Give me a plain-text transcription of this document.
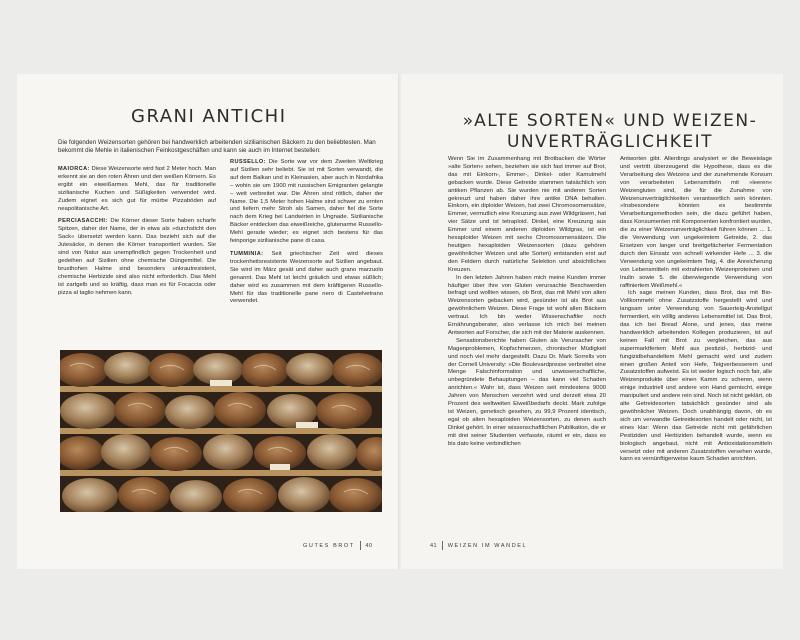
GRANI ANTICHI

Die folgenden Weizensorten gehören bei handwerklich arbeitenden sizilianischen Bäckern zu den beliebtesten. Man bekommt die Mehle in italienischen Feinkostgeschäften und kann sie auch im Internet bestellen:

MAIORCA: Diese Weizensorte wird fast 2 Meter hoch. Man erkennt sie an den roten Ähren und den weißen Körnern. Es ergibt ein eiweißarmes Mehl, das für traditionelle sizilianische Kuchen und Süßigkeiten verwendet wird. Zudem eignet es sich gut für mürbe Pizzaböden auf neapolitanische Art.

PERCIASACCHI: Die Körner dieser Sorte haben scharfe Spitzen, daher der Name, der in etwa als »durchsticht den Sack« übersetzt werden kann. Das bezieht sich auf die Jutesäcke, in denen die Körner transportiert wurden. Sie sind von Natur aus unempfindlich gegen Trockenheit und gedeihen auf Sizilien ohne chemische Düngemittel. Die brusthohen Halme sind besonders unkrautresistent, chemische Herbizide sind also nicht erforderlich. Das Mehl ist zartgelb und so kräftig, dass man es für Focaccia oder pizza al taglio nehmen kann.

RUSSELLO: Die Sorte war vor dem Zweiten Weltkrieg auf Sizilien sehr beliebt. Sie ist mit Sorten verwandt, die auf dem Balkan und in Kleinasien, aber auch in Nordafrika – wohin sie um 1900 mit russischen Emigranten gelangte – weit verbreitet war. Die Ähren sind rötlich, daher der Name. Die 1,5 Meter hohen Halme sind schwer zu ernten und liefern mehr Stroh als Samen, daher fiel die Sorte nach dem Krieg bei Landwirten in Ungnade. Sizilianische Bäcker entdecken das eiweißreiche, glutenarme Russello-Mehl gerade wieder; es eignet sich bestens für das feinporige sizilianische pane di casa.

TUMMINIA: Seit griechischer Zeit wird dieses trockenheitsresistente Weizensorte auf Sizilien angebaut. Sie wird im März gesät und daher auch grano marzuolo genannt. Das Mehl ist leicht gräulich und etwas süßlich; daher wird es zusammen mit dem kräftigeren Russello-Mehl für das traditionelle pane nero di Castelvetrano verwendet.

GUTES BROT 40
»ALTE SORTEN« UND WEIZEN-
UNVERTRÄGLICHKEIT

Wenn Sie im Zusammenhang mit Brotbacken die Wörter »alte Sorten« sehen, beziehen sie sich fast immer auf Brot, das mit Einkorn-, Emmer-, Dinkel- oder Kamutmehl gebacken wurde. Diese Getreide stammen tatsächlich von antiken Pflanzen ab. Sie wurden nie mit anderen Sorten gekreuzt und haben daher ihre antike DNA behalten. Einkorn, ein diploider Weizen, hat zwei Chromosomensätze, Emmer, vermutlich eine Kreuzung aus zwei Wildgräsern, hat vier Sätze und ist tetraploid. Dinkel, eine Kreuzung aus Emmer und einem anderen diploiden Wildgras, ist ein hexaploider Weizen mit sechs Chromosomensätzen. Die heutigen hexaploiden Weizensorten (dazu gehören gewöhnlicher Weizen und alte Sorten) entstanden erst auf den Feldern durch natürliche Selektion und absichtliches Kreuzen.

In den letzten Jahren haben mich meine Kunden immer häufiger über ihre von Gluten verursachte Beschwerden befragt und wollten wissen, ob Brot, das mit Mehl von alten Weizensorten gebacken wird, gesünder ist als Brot aus gewöhnlichem Weizen. Diese Frage ist wohl allen Bäckern vertraut. Ich bin weder Wissenschaftler noch Ernährungsberater, also verlasse ich mich bei meinen Antworten auf Forscher, die sich mit der Materie auskennen.

Sensationsberichte haben Gluten als Verursacher von Magenproblemen, Kopfschmerzen, chronischer Müdigkeit und noch viel mehr dargestellt. Dazu Dr. Mark Sorrells von der Cornell University: »Die Boulevardpresse verbreitet eine Menge Falschinformation und unwissenschaftliche, unbegründete Behauptungen – das kann viel Schaden anrichten.« Wahr ist, dass Weizen seit mindestens 9000 Jahren von Menschen verzehrt wird und derzeit etwa 20 Prozent des weltweiten Eiweißbedarfs deckt. Mark zufolge ist Weizen, genetisch gesehen, zu 99,9 Prozent identisch, egal ob alten hexaploiden Weizensorten, zu denen auch Dinkel gehört. In einer wissenschaftlichen Publikation, die er mit drei seiner Studenten verfasste, räumt er ein, dass es bis dato keine verbindlichen

Antworten gibt. Allerdings analysiert er die Beweislage und vertritt überzeugend die Hypothese, dass es die Verarbeitung des Weizens und der zunehmende Konsum von verarbeiteten Lebensmitteln mit »leeren« Weizengluten sind, die für die Zunahme von Weizenunverträglichkeiten verantwortlich sein könnten. »Insbesondere könnten es bestimmte Verarbeitungsmethoden sein, die dazu geführt haben, dass Konsumenten mit Komponenten konfrontiert wurden, die zu einer Weizenunverträglichkeit führen können ... 1. die Verwendung von ungekeimtem Getreide, 2. das Ersetzen von langer und breitgefächerter Fermentation durch den Einsatz von schnell wirkender Hefe ... 3. die Verwendung von ungekeimtem Teig, 4. die Anreicherung von Lebensmitteln mit extrahierten Weizenproteinen und Inulin sowie 5. die überwiegende Verwendung von raffiniertem Weißmehl.«

Ich sage meinen Kunden, dass Brot, das mit Bio-Vollkornmehl ohne Zusatzstoffe hergestellt wird und langsam unter Verwendung von Sauerteig-Anstellgut fermentiert, ein völlig anderes Lebensmittel ist. Das Brot, das ich bei Bread Alone, und jenes, das meine handwerklich arbeitenden Kollegen produzieren, ist auf keinen Fall mit Brot zu vergleichen, das aus supermarktfertem Mehl aus pestizid-, herbizid- und fungizidbehandeltem Mehl gemacht wird und zudem einen großen Anteil von Hefe, Teigverbesserern und Zusatzstoffen aufweist. Es ist weder logisch noch fair, alle Weizenprodukte über einen Kamm zu scheren, wenn einige industriell und andere von Hand gemischt, einige manipuliert und andere rein sind. Noch ist nicht geklärt, ob alte Getreidesorten tatsächlich gesünder sind als gewöhnlicher Weizen. Doch unabhängig davon, ob es sich um verwandte Getreidesorten handelt oder nicht, ist eines klar: Wenn das Getreide nicht mit gefährlichen Pestiziden und Herbiziden behandelt wurde, wenn es biologisch angebaut, nicht mit Antioxidationsmitteln versetzt oder mit anderen Zusatzstoffen versehen wurde, kann es vernünftigerweise kaum Schaden anrichten.

41 WEIZEN IM WANDEL
